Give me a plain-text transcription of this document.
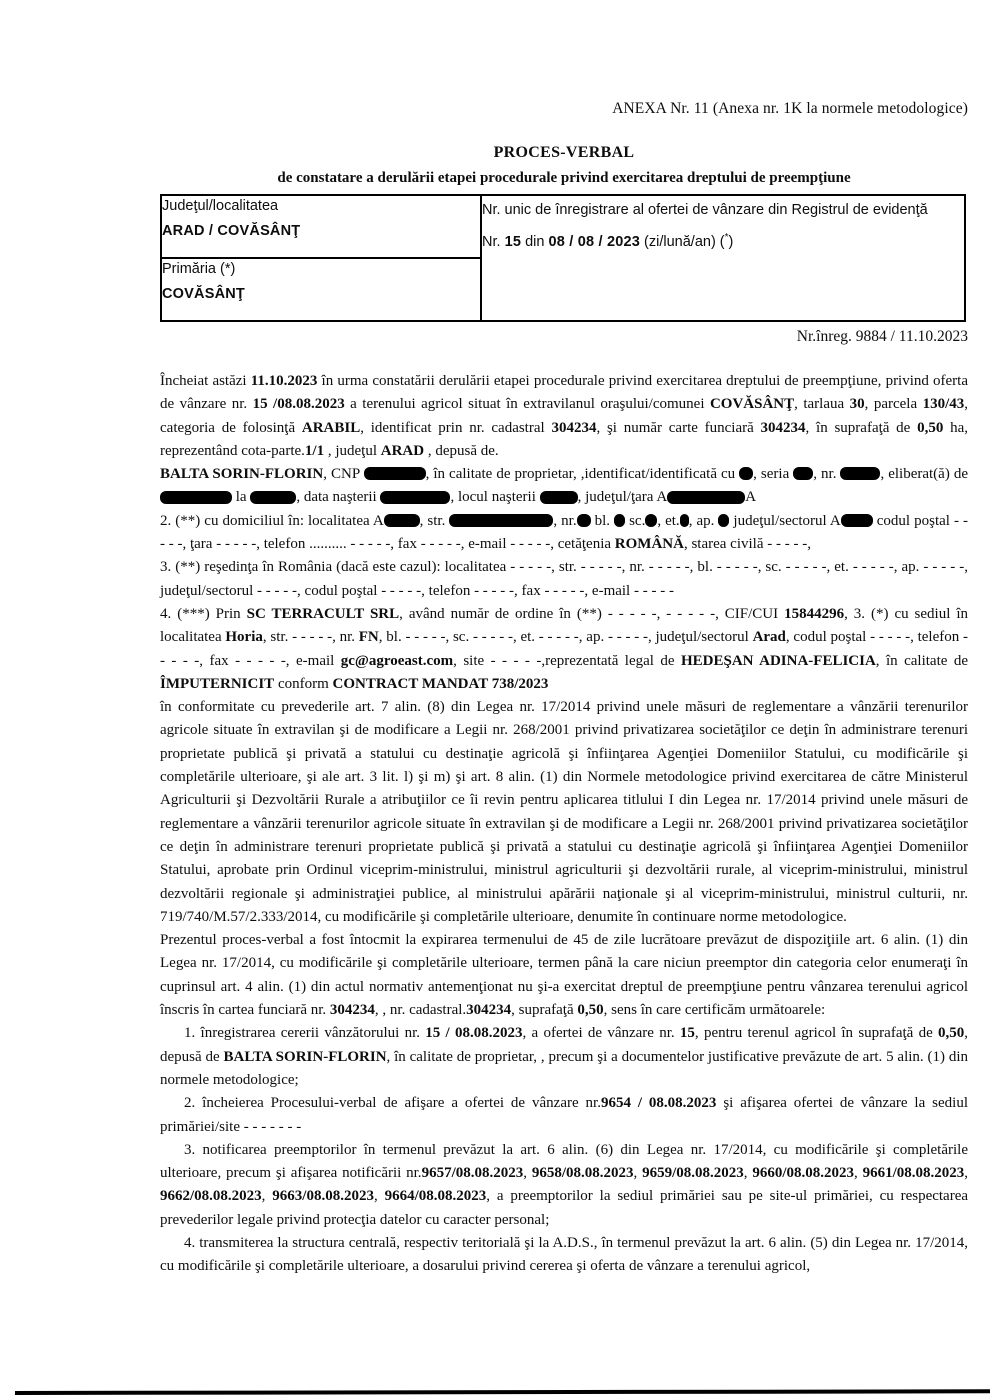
ANEXA Nr. 11 (Anexa nr. 1K la normele metodologice)
PROCES-VERBAL
de constatare a derulării etapei procedurale privind exercitarea dreptului de preempţiune
Judeţul/localitatea
ARAD / COVĂSÂNŢ

Nr. unic de înregistrare al ofertei de vânzare din Registrul de evidenţă
Nr. 15 din 08 / 08 / 2023 (zi/lună/an) (*)

Primăria (*)
COVĂSÂNŢ
Nr.înreg. 9884 / 11.10.2023

Încheiat astăzi 11.10.2023 în urma constatării derulării etapei procedurale privind exercitarea dreptului de preempţiune, privind oferta de vânzare nr. 15 /08.08.2023 a terenului agricol situat în extravilanul oraşului/comunei COVĂSÂNŢ, tarlaua 30, parcela 130/43, categoria de folosinţă ARABIL, identificat prin nr. cadastral 304234, şi număr carte funciară 304234, în suprafaţă de 0,50 ha, reprezentând cota-parte.1/1 , judeţul ARAD , depusă de.

BALTA SORIN-FLORIN, CNP	, în calitate de proprietar, ,identificat/identificată cu , seria , nr.	, eliberat(ă) de  la	, data naşterii	, locul naşterii	, judeţul/ţara A	A

2. (**) cu domiciliul în: localitatea A , str.	, nr. bl.  sc. , et. , ap.  judeţul/sectorul A codul poştal - - - - -, ţara - - - - -, telefon .......... - - - - -, fax - - - - -, e-mail - - - - -, cetăţenia ROMÂNĂ, starea civilă - - - - -,

3. (**) reşedinţa în România (dacă este cazul): localitatea - - - - -, str. - - - - -, nr. - - - - -, bl. - - - - -, sc. - - - - -, et. - - - - -, ap. - - - - -, judeţul/sectorul - - - - -, codul poştal - - - - -, telefon - - - - -, fax - - - - -, e-mail - - - - -

4. (***) Prin SC TERRACULT SRL, având număr de ordine în (**) - - - - -, - - - - -, CIF/CUI 15844296, 3. (*) cu sediul în localitatea Horia, str. - - - - -, nr. FN, bl. - - - - -, sc. - - - - -, et. - - - - -, ap. - - - - -, judeţul/sectorul Arad, codul poştal - - - - -, telefon - - - - -, fax - - - - -, e-mail gc@agroeast.com, site - - - - -,reprezentată legal de HEDEŞAN ADINA-FELICIA, în calitate de ÎMPUTERNICIT conform CONTRACT MANDAT 738/2023

în conformitate cu prevederile art. 7 alin. (8) din Legea nr. 17/2014 privind unele măsuri de reglementare a vânzării terenurilor agricole situate în extravilan şi de modificare a Legii nr. 268/2001 privind privatizarea societăţilor ce deţin în administrare terenuri proprietate publică şi privată a statului cu destinaţie agricolă şi înfiinţarea Agenţiei Domeniilor Statului, cu modificările şi completările ulterioare, şi ale art. 3 lit. l) şi m) şi art. 8 alin. (1) din Normele metodologice privind exercitarea de către Ministerul Agriculturii şi Dezvoltării Rurale a atribuţiilor ce îi revin pentru aplicarea titlului I din Legea nr. 17/2014 privind unele măsuri de reglementare a vânzării terenurilor agricole situate în extravilan şi de modificare a Legii nr. 268/2001 privind privatizarea societăţilor ce deţin în administrare terenuri proprietate publică şi privată a statului cu destinaţie agricolă şi înfiinţarea Agenţiei Domeniilor Statului, aprobate prin Ordinul viceprim-ministrului, ministrul agriculturii şi dezvoltării rurale, al viceprim-ministrului, ministrul dezvoltării regionale şi administraţiei publice, al ministrului apărării naţionale şi al viceprim-ministrului, ministrul culturii, nr. 719/740/M.57/2.333/2014, cu modificările şi completările ulterioare, denumite în continuare norme metodologice.

Prezentul proces-verbal a fost întocmit la expirarea termenului de 45 de zile lucrătoare prevăzut de dispoziţiile art. 6 alin. (1) din Legea nr. 17/2014, cu modificările şi completările ulterioare, termen până la care niciun preemptor din categoria celor enumeraţi în cuprinsul art. 4 alin. (1) din actul normativ antemenţionat nu şi-a exercitat dreptul de preempţiune pentru vânzarea terenului agricol înscris în cartea funciară nr. 304234, , nr. cadastral.304234, suprafaţă 0,50, sens în care certificăm următoarele:

1. înregistrarea cererii vânzătorului nr. 15 / 08.08.2023, a ofertei de vânzare nr. 15, pentru terenul agricol în suprafaţă de 0,50, depusă de BALTA SORIN-FLORIN, în calitate de proprietar, , precum şi a documentelor justificative prevăzute de art. 5 alin. (1) din normele metodologice;

2. încheierea Procesului-verbal de afişare a ofertei de vânzare nr.9654 / 08.08.2023 şi afişarea ofertei de vânzare la sediul primăriei/site - - - - - - -

3. notificarea preemptorilor în termenul prevăzut la art. 6 alin. (6) din Legea nr. 17/2014, cu modificările şi completările ulterioare, precum şi afişarea notificării nr.9657/08.08.2023, 9658/08.08.2023, 9659/08.08.2023, 9660/08.08.2023, 9661/08.08.2023, 9662/08.08.2023, 9663/08.08.2023, 9664/08.08.2023, a preemptorilor la sediul primăriei sau pe site-ul primăriei, cu respectarea prevederilor legale privind protecţia datelor cu caracter personal;

4. transmiterea la structura centrală, respectiv teritorială şi la A.D.S., în termenul prevăzut la art. 6 alin. (5) din Legea nr. 17/2014, cu modificările şi completările ulterioare, a dosarului privind cererea şi oferta de vânzare a terenului agricol,
